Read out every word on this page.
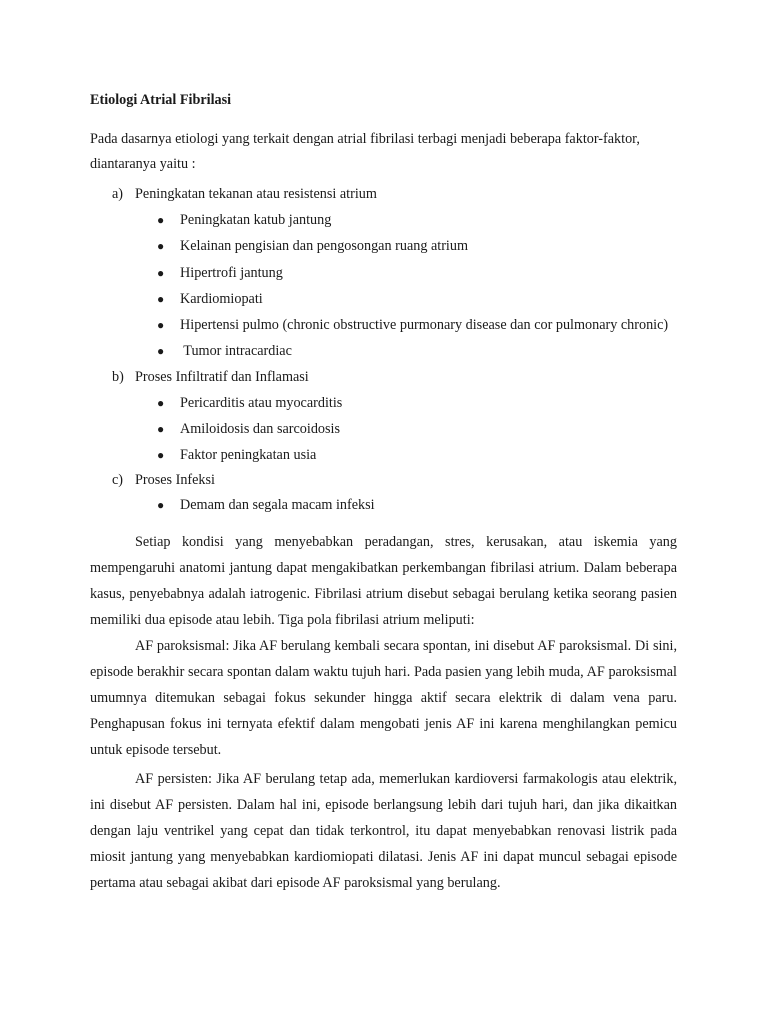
Etiologi Atrial Fibrilasi

Pada dasarnya etiologi yang terkait dengan atrial fibrilasi terbagi menjadi beberapa faktor-faktor, diantaranya yaitu :

a) Peningkatan tekanan atau resistensi atrium

● Peningkatan katub jantung

● Kelainan pengisian dan pengosongan ruang atrium

● Hipertrofi jantung

● Kardiomiopati

● Hipertensi pulmo (chronic obstructive purmonary disease dan cor pulmonary chronic)

● Tumor intracardiac

b) Proses Infiltratif dan Inflamasi

● Pericarditis atau myocarditis

● Amiloidosis dan sarcoidosis

● Faktor peningkatan usia

c) Proses Infeksi

● Demam dan segala macam infeksi

Setiap kondisi yang menyebabkan peradangan, stres, kerusakan, atau iskemia yang mempengaruhi anatomi jantung dapat mengakibatkan perkembangan fibrilasi atrium. Dalam beberapa kasus, penyebabnya adalah iatrogenic. Fibrilasi atrium disebut sebagai berulang ketika seorang pasien memiliki dua episode atau lebih. Tiga pola fibrilasi atrium meliputi:

AF paroksismal: Jika AF berulang kembali secara spontan, ini disebut AF paroksismal. Di sini, episode berakhir secara spontan dalam waktu tujuh hari. Pada pasien yang lebih muda, AF paroksismal umumnya ditemukan sebagai fokus sekunder hingga aktif secara elektrik di dalam vena paru. Penghapusan fokus ini ternyata efektif dalam mengobati jenis AF ini karena menghilangkan pemicu untuk episode tersebut.

AF persisten: Jika AF berulang tetap ada, memerlukan kardioversi farmakologis atau elektrik, ini disebut AF persisten. Dalam hal ini, episode berlangsung lebih dari tujuh hari, dan jika dikaitkan dengan laju ventrikel yang cepat dan tidak terkontrol, itu dapat menyebabkan renovasi listrik pada miosit jantung yang menyebabkan kardiomiopati dilatasi. Jenis AF ini dapat muncul sebagai episode pertama atau sebagai akibat dari episode AF paroksismal yang berulang.
